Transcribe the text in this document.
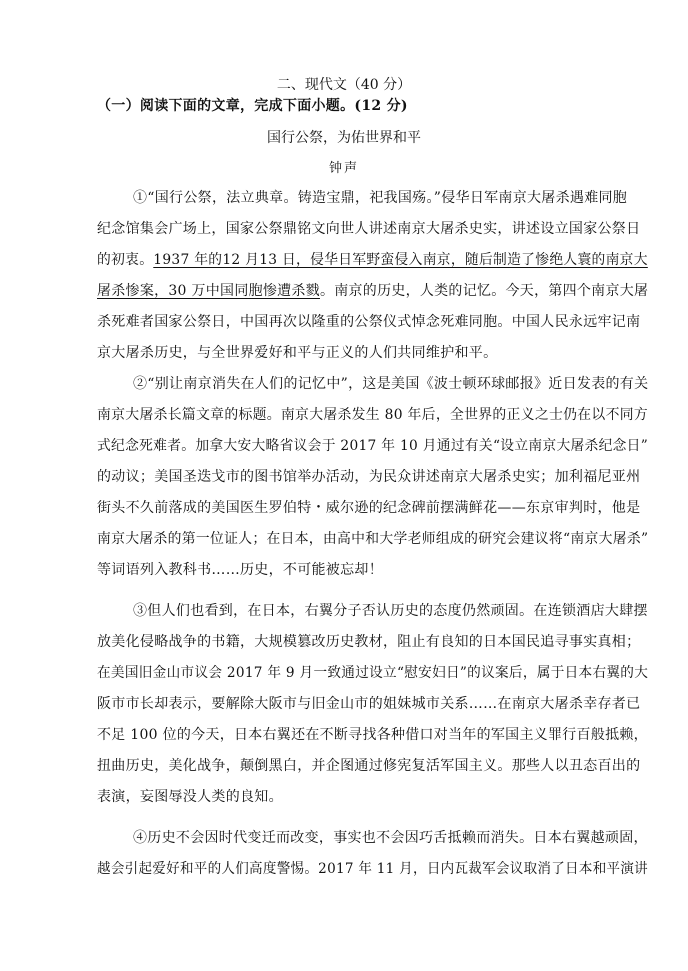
二、现代文（40 分）
（一）阅读下面的文章，完成下面小题。(12 分)
国行公祭，为佑世界和平
钟声
①“国行公祭，法立典章。铸造宝鼎，祀我国殇。”侵华日军南京大屠杀遇难同胞
纪念馆集会广场上，国家公祭鼎铭文向世人讲述南京大屠杀史实，讲述设立国家公祭日
的初衷。1937 年的12 月13 日，侵华日军野蛮侵入南京，随后制造了惨绝人寰的南京大
屠杀惨案，30 万中国同胞惨遭杀戮。南京的历史，人类的记忆。今天，第四个南京大屠
杀死难者国家公祭日，中国再次以隆重的公祭仪式悼念死难同胞。中国人民永远牢记南
京大屠杀历史，与全世界爱好和平与正义的人们共同维护和平。
②“别让南京消失在人们的记忆中”，这是美国《波士顿环球邮报》近日发表的有关
南京大屠杀长篇文章的标题。南京大屠杀发生 80 年后，全世界的正义之士仍在以不同方
式纪念死难者。加拿大安大略省议会于 2017 年 10 月通过有关“设立南京大屠杀纪念日”
的动议；美国圣迭戈市的图书馆举办活动，为民众讲述南京大屠杀史实；加利福尼亚州
街头不久前落成的美国医生罗伯特・威尔逊的纪念碑前摆满鲜花——东京审判时，他是
南京大屠杀的第一位证人；在日本，由高中和大学老师组成的研究会建议将“南京大屠杀”
等词语列入教科书……历史，不可能被忘却！
③但人们也看到，在日本，右翼分子否认历史的态度仍然顽固。在连锁酒店大肆摆
放美化侵略战争的书籍，大规模篡改历史教材，阻止有良知的日本国民追寻事实真相；
在美国旧金山市议会 2017 年 9 月一致通过设立“慰安妇日”的议案后，属于日本右翼的大
阪市市长却表示，要解除大阪市与旧金山市的姐妹城市关系……在南京大屠杀幸存者已
不足 100 位的今天，日本右翼还在不断寻找各种借口对当年的军国主义罪行百般抵赖，
扭曲历史，美化战争，颠倒黑白，并企图通过修宪复活军国主义。那些人以丑态百出的
表演，妄图辱没人类的良知。
④历史不会因时代变迁而改变，事实也不会因巧舌抵赖而消失。日本右翼越顽固，
越会引起爱好和平的人们高度警惕。2017 年 11 月，日内瓦裁军会议取消了日本和平演讲
